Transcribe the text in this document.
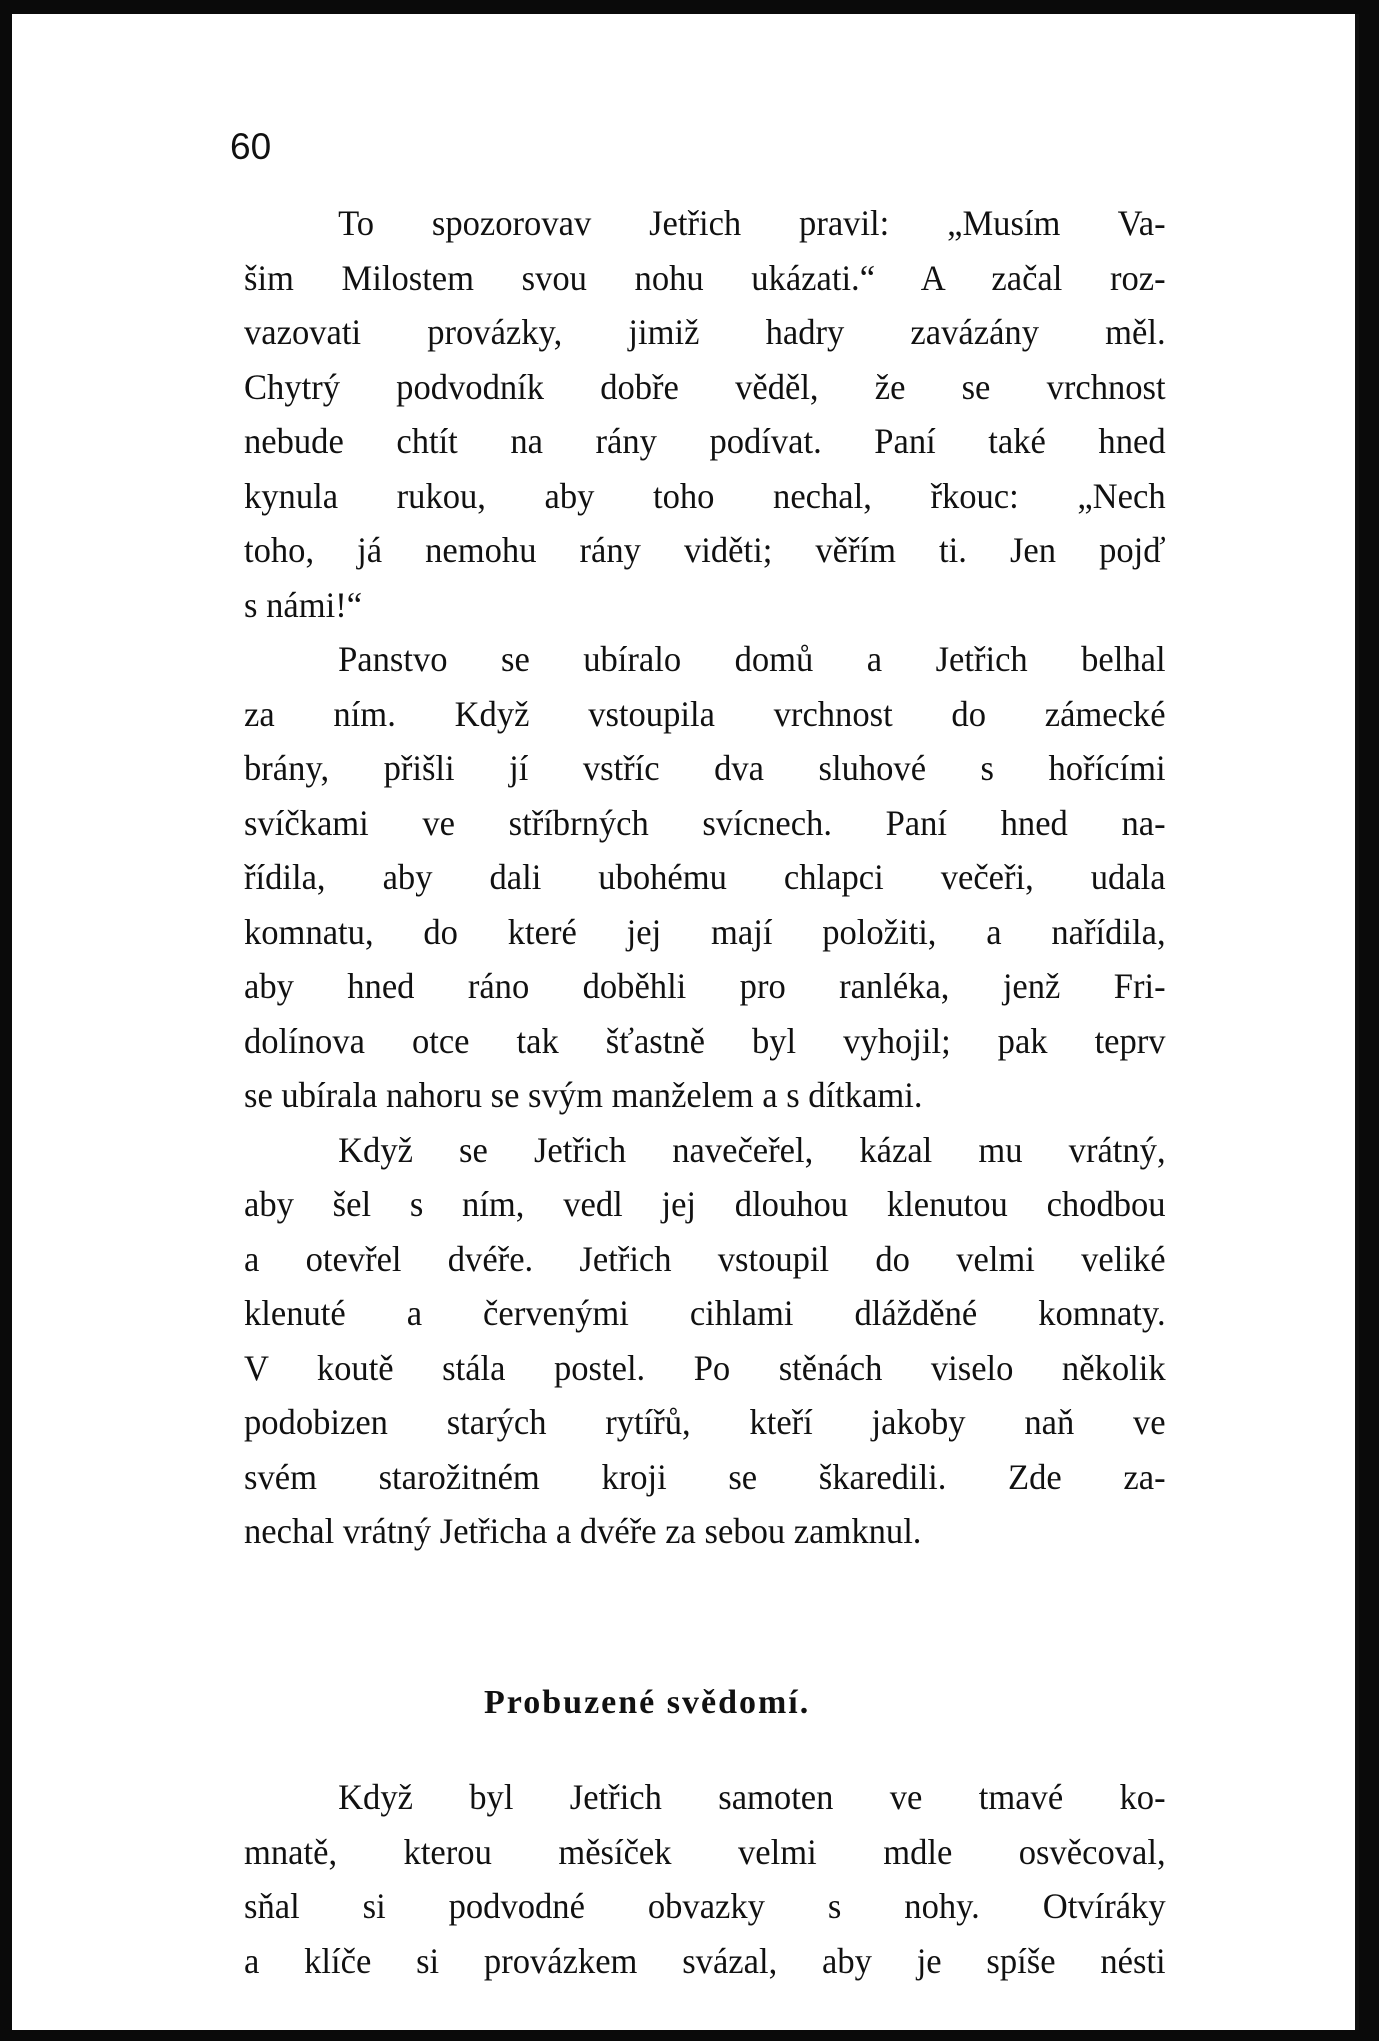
60

To spozorovav Jetřich pravil: „Musím Va-
šim Milostem svou nohu ukázati.“ A začal roz-
vazovati provázky, jimiž hadry zavázány měl.
Chytrý podvodník dobře věděl, že se vrchnost
nebude chtít na rány podívat. Paní také hned
kynula rukou, aby toho nechal, řkouc: „Nech
toho, já nemohu rány viděti; věřím ti. Jen pojď
s námi!“
Panstvo se ubíralo domů a Jetřich belhal
za ním. Když vstoupila vrchnost do zámecké
brány, přišli jí vstříc dva sluhové s hořícími
svíčkami ve stříbrných svícnech. Paní hned na-
řídila, aby dali ubohému chlapci večeři, udala
komnatu, do které jej mají položiti, a nařídila,
aby hned ráno doběhli pro ranléka, jenž Fri-
dolínova otce tak šťastně byl vyhojil; pak teprv
se ubírala nahoru se svým manželem a s dítkami.
Když se Jetřich navečeřel, kázal mu vrátný,
aby šel s ním, vedl jej dlouhou klenutou chodbou
a otevřel dvéře. Jetřich vstoupil do velmi veliké
klenuté a červenými cihlami dlážděné komnaty.
V koutě stála postel. Po stěnách viselo několik
podobizen starých rytířů, kteří jakoby naň ve
svém starožitném kroji se škaredili. Zde za-
nechal vrátný Jetřicha a dvéře za sebou zamknul.
Probuzené svědomí.
Když byl Jetřich samoten ve tmavé ko-
mnatě, kterou měsíček velmi mdle osvěcoval,
sňal si podvodné obvazky s nohy. Otvíráky
a klíče si provázkem svázal, aby je spíše nésti
